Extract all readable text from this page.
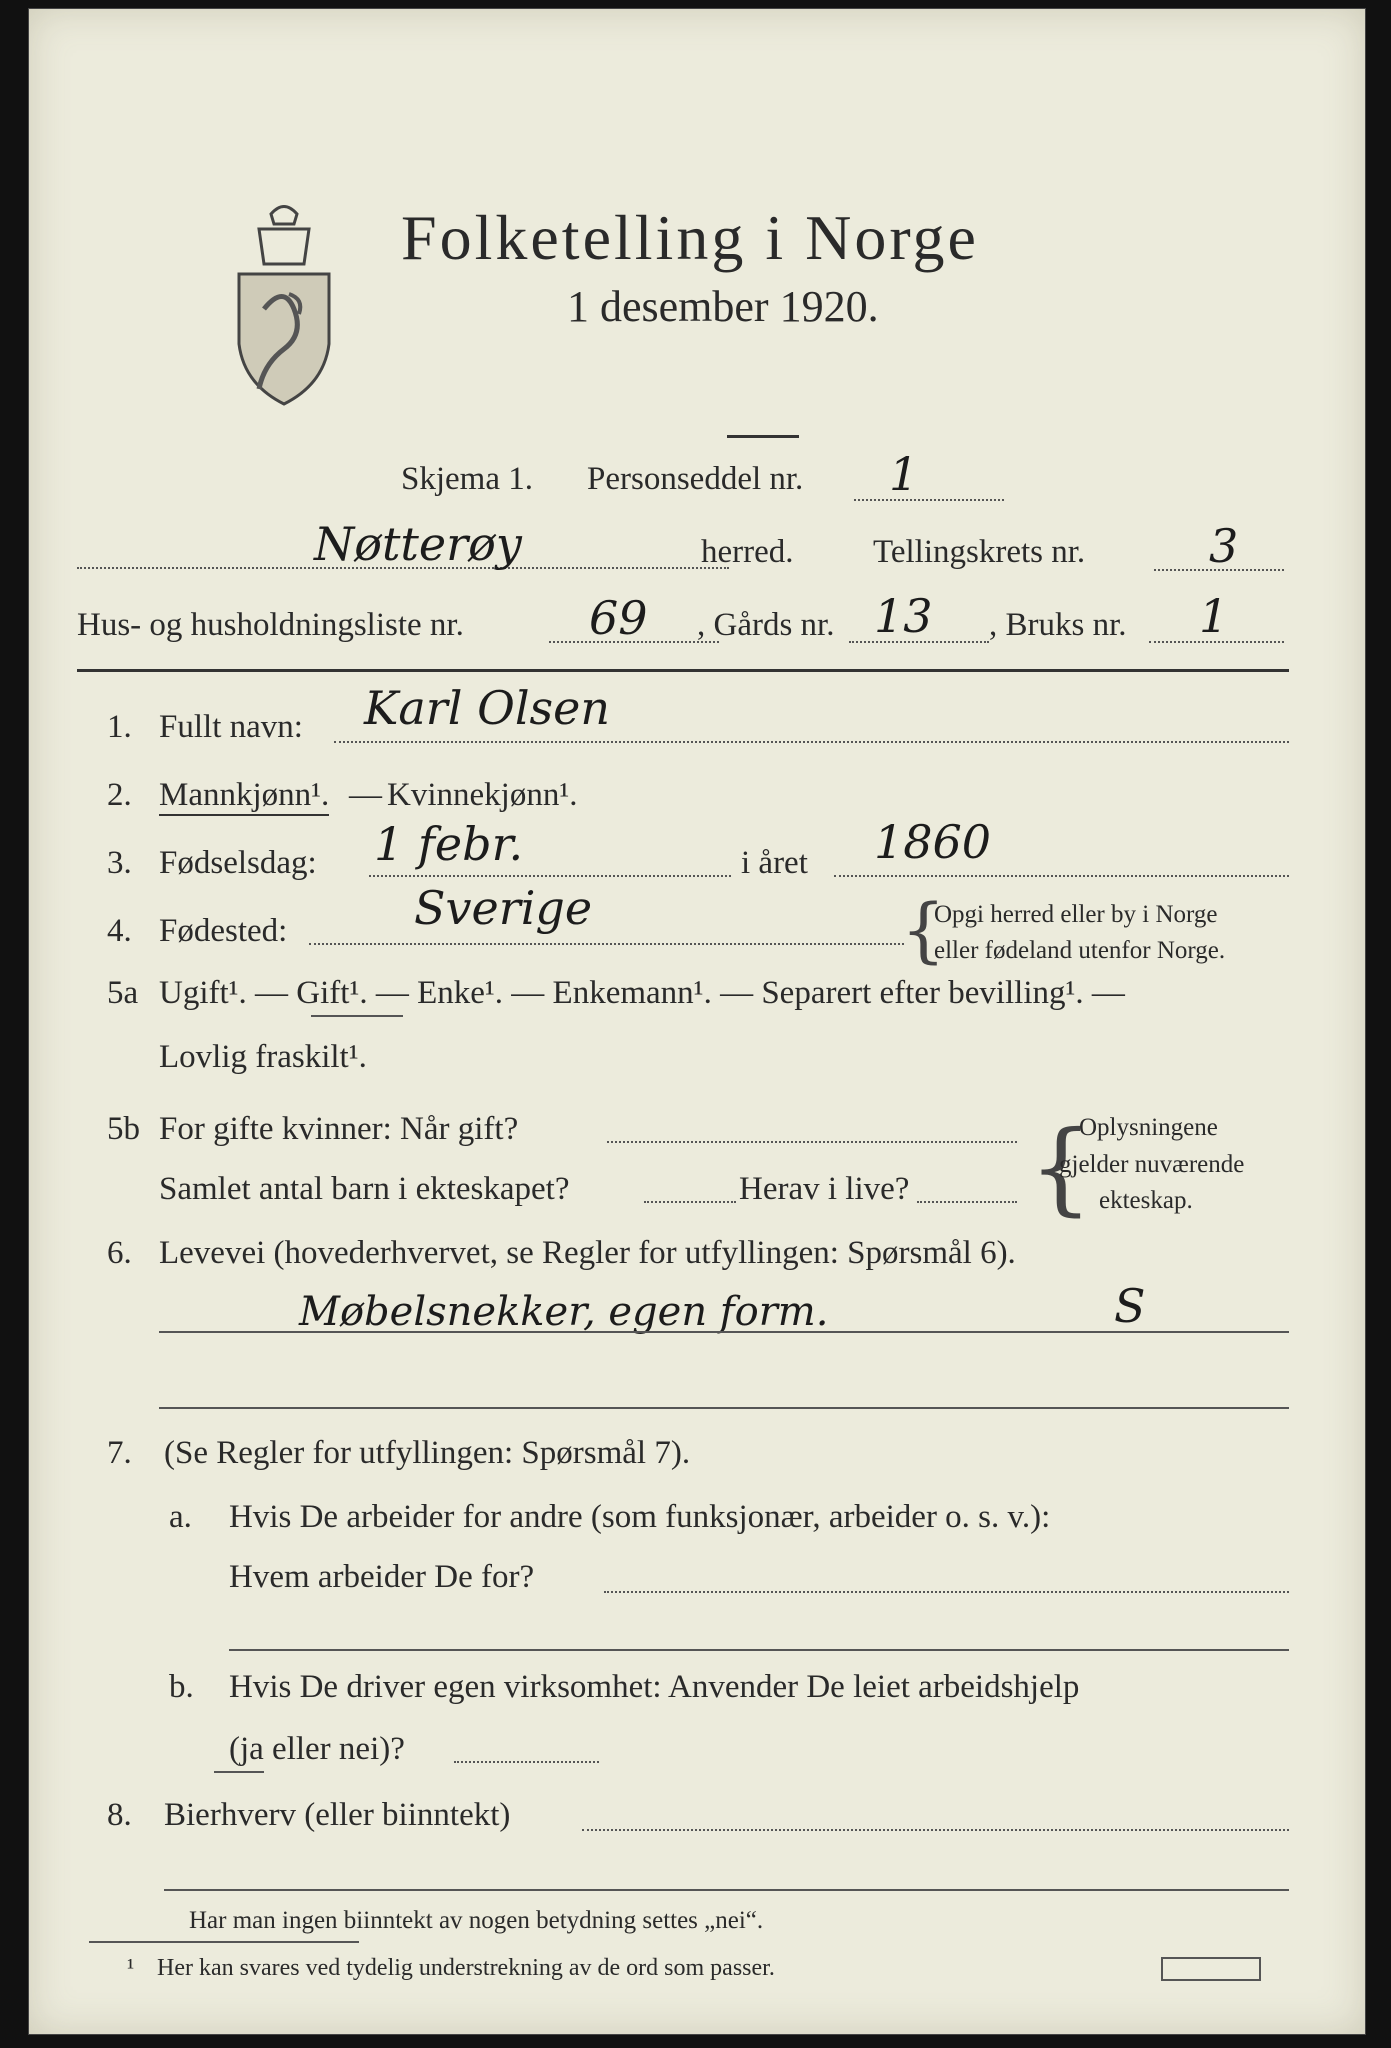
Folketelling i Norge
1 desember 1920.
Skjema 1. Personseddel nr. 1
Nøtterøy	herred. Tellingskrets nr.	3
Hus- og husholdningsliste nr.	69 , Gårds nr. 13 , Bruks nr. 1
1. Fullt navn: Karl Olsen
2. Mannkjønn¹. — Kvinnekjønn¹.
3. Fødselsdag: 1 febr.	i året 1860
4. Fødested:	Sverige	{
Opgi herred eller by i Norge
eller fødeland utenfor Norge.
5a Ugift¹. — Gift¹. — Enke¹. — Enkemann¹. — Separert efter bevilling¹. —
Lovlig fraskilt¹.
5b For gifte kvinner: Når gift?
Samlet antal barn i ekteskapet?	Herav i live? {
Oplysningene
gjelder nuværende
ekteskap.
6. Levevei (hovederhvervet, se Regler for utfyllingen: Spørsmål 6).
Møbelsnekker, egen form.	S
7. (Se Regler for utfyllingen: Spørsmål 7).
a. Hvis De arbeider for andre (som funksjonær, arbeider o. s. v.):
Hvem arbeider De for?
b. Hvis De driver egen virksomhet: Anvender De leiet arbeidshjelp
(ja eller nei)?
8. Bierhverv (eller biinntekt)
Har man ingen biinntekt av nogen betydning settes „nei“.
¹ Her kan svares ved tydelig understrekning av de ord som passer.
